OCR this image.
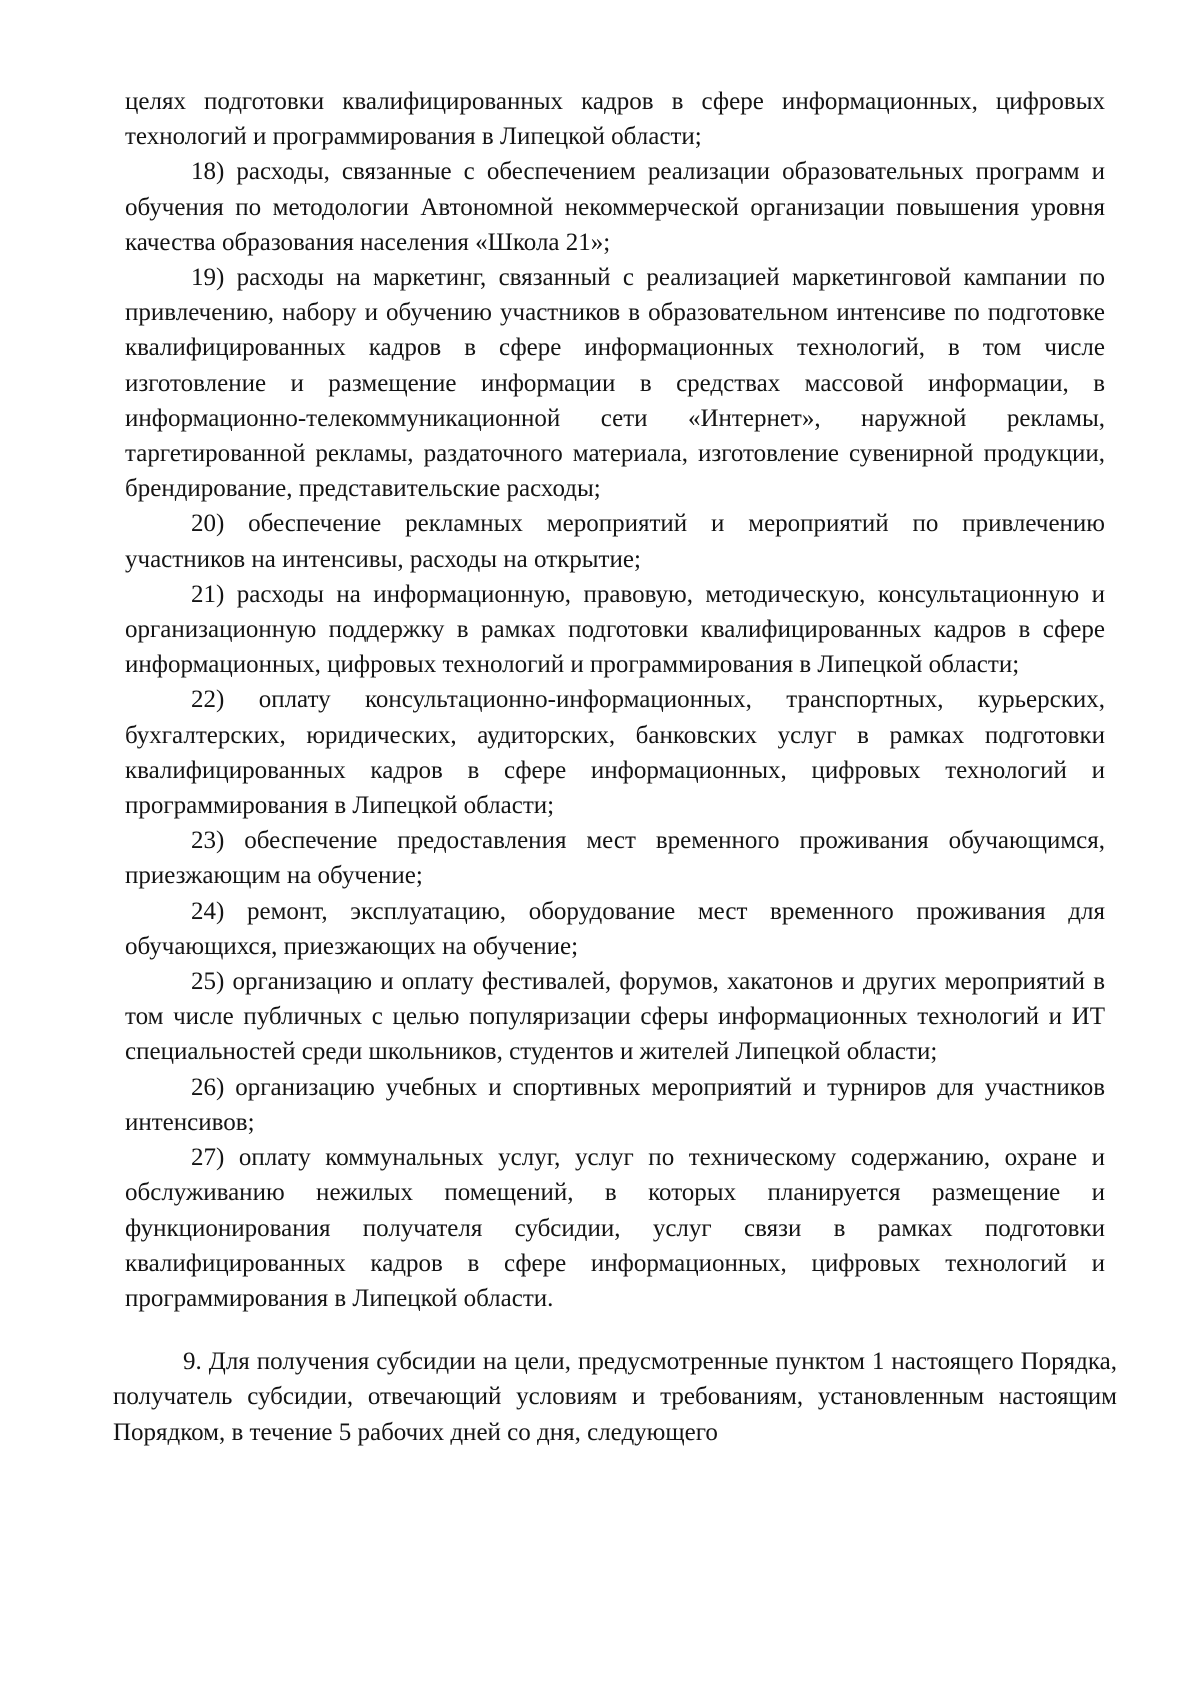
целях подготовки квалифицированных кадров в сфере информационных, цифровых технологий и программирования в Липецкой области;

18) расходы, связанные с обеспечением реализации образовательных программ и обучения по методологии Автономной некоммерческой организации повышения уровня качества образования населения «Школа 21»;

19) расходы на маркетинг, связанный с реализацией маркетинговой кампании по привлечению, набору и обучению участников в образовательном интенсиве по подготовке квалифицированных кадров в сфере информационных технологий, в том числе изготовление и размещение информации в средствах массовой информации, в информационно-телекоммуникационной сети «Интернет», наружной рекламы, таргетированной рекламы, раздаточного материала, изготовление сувенирной продукции, брендирование, представительские расходы;

20) обеспечение рекламных мероприятий и мероприятий по привлечению участников на интенсивы, расходы на открытие;

21) расходы на информационную, правовую, методическую, консультационную и организационную поддержку в рамках подготовки квалифицированных кадров в сфере информационных, цифровых технологий и программирования в Липецкой области;

22) оплату консультационно-информационных, транспортных, курьерских, бухгалтерских, юридических, аудиторских, банковских услуг в рамках подготовки квалифицированных кадров в сфере информационных, цифровых технологий и программирования в Липецкой области;

23) обеспечение предоставления мест временного проживания обучающимся, приезжающим на обучение;

24) ремонт, эксплуатацию, оборудование мест временного проживания для обучающихся, приезжающих на обучение;

25) организацию и оплату фестивалей, форумов, хакатонов и других мероприятий в том числе публичных с целью популяризации сферы информационных технологий и ИТ специальностей среди школьников, студентов и жителей Липецкой области;

26) организацию учебных и спортивных мероприятий и турниров для участников интенсивов;

27) оплату коммунальных услуг, услуг по техническому содержанию, охране и обслуживанию нежилых помещений, в которых планируется размещение и функционирования получателя субсидии, услуг связи в рамках подготовки квалифицированных кадров в сфере информационных, цифровых технологий и программирования в Липецкой области.

9. Для получения субсидии на цели, предусмотренные пунктом 1 настоящего Порядка, получатель субсидии, отвечающий условиям и требованиям, установленным настоящим Порядком, в течение 5 рабочих дней со дня, следующего
